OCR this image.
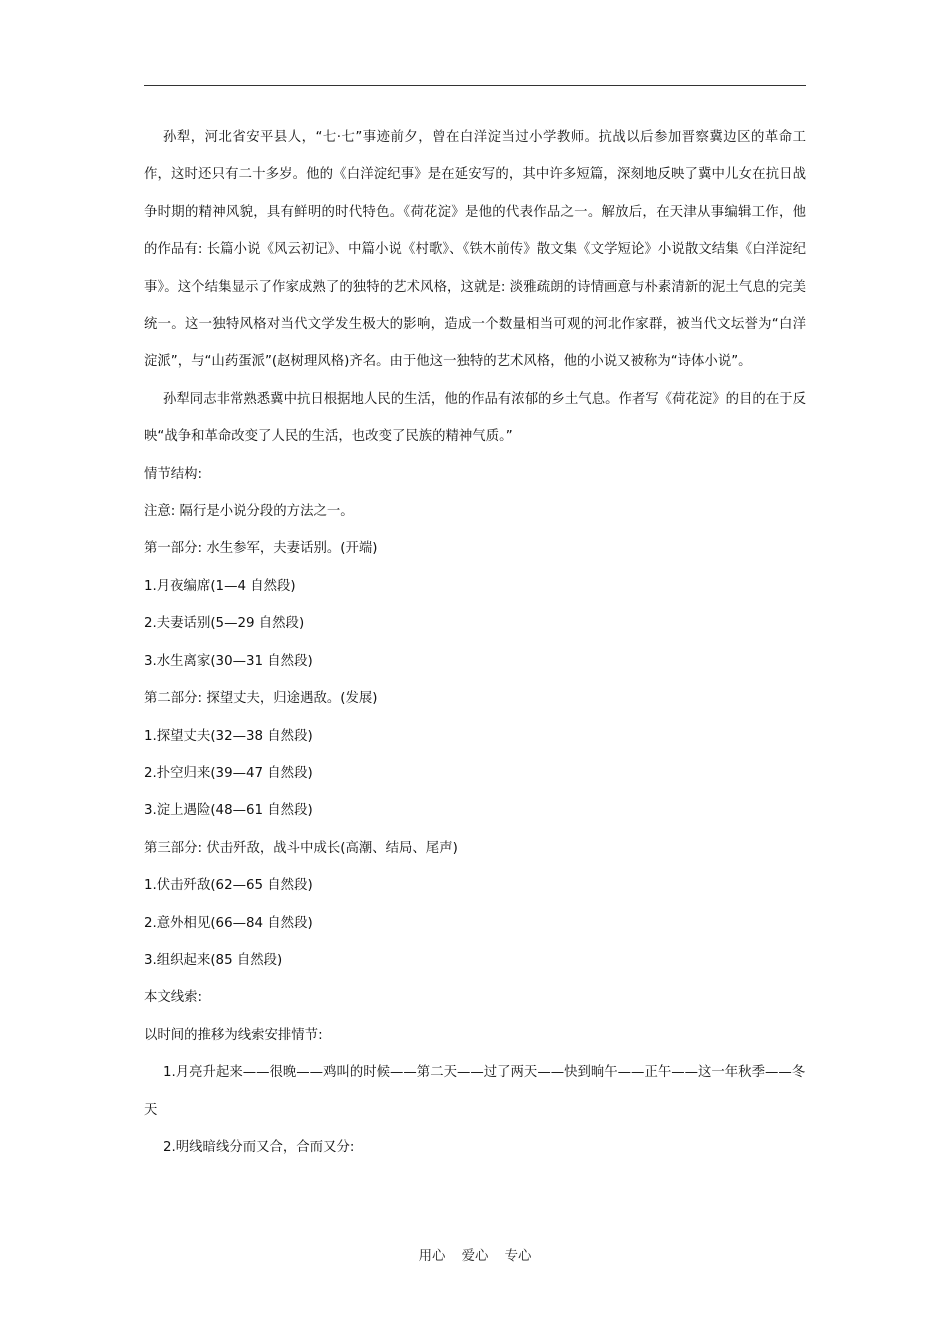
孙犁，河北省安平县人，“七·七”事迹前夕，曾在白洋淀当过小学教师。抗战以后参加晋察冀边区的革命工作，这时还只有二十多岁。他的《白洋淀纪事》是在延安写的，其中许多短篇，深刻地反映了冀中儿女在抗日战争时期的精神风貌，具有鲜明的时代特色。《荷花淀》是他的代表作品之一。解放后，在天津从事编辑工作，他的作品有: 长篇小说《风云初记》、中篇小说《村歌》、《铁木前传》散文集《文学短论》小说散文结集《白洋淀纪事》。这个结集显示了作家成熟了的独特的艺术风格，这就是: 淡雅疏朗的诗情画意与朴素清新的泥土气息的完美统一。这一独特风格对当代文学发生极大的影响，造成一个数量相当可观的河北作家群，被当代文坛誉为“白洋淀派”，与“山药蛋派”(赵树理风格)齐名。由于他这一独特的艺术风格，他的小说又被称为“诗体小说”。

孙犁同志非常熟悉冀中抗日根据地人民的生活，他的作品有浓郁的乡土气息。作者写《荷花淀》的目的在于反映“战争和革命改变了人民的生活，也改变了民族的精神气质。”

情节结构:

注意: 隔行是小说分段的方法之一。

第一部分: 水生参军，夫妻话别。(开端)

1.月夜编席(1—4 自然段)

2.夫妻话别(5—29 自然段)

3.水生离家(30—31 自然段)

第二部分: 探望丈夫，归途遇敌。(发展)

1.探望丈夫(32—38 自然段)

2.扑空归来(39—47 自然段)

3.淀上遇险(48—61 自然段)

第三部分: 伏击歼敌，战斗中成长(高潮、结局、尾声)

1.伏击歼敌(62—65 自然段)

2.意外相见(66—84 自然段)

3.组织起来(85 自然段)

本文线索:

以时间的推移为线索安排情节:

1.月亮升起来——很晚——鸡叫的时候——第二天——过了两天——快到晌午——正午——这一年秋季——冬天

2.明线暗线分而又合，合而又分:

用心 爱心 专心
